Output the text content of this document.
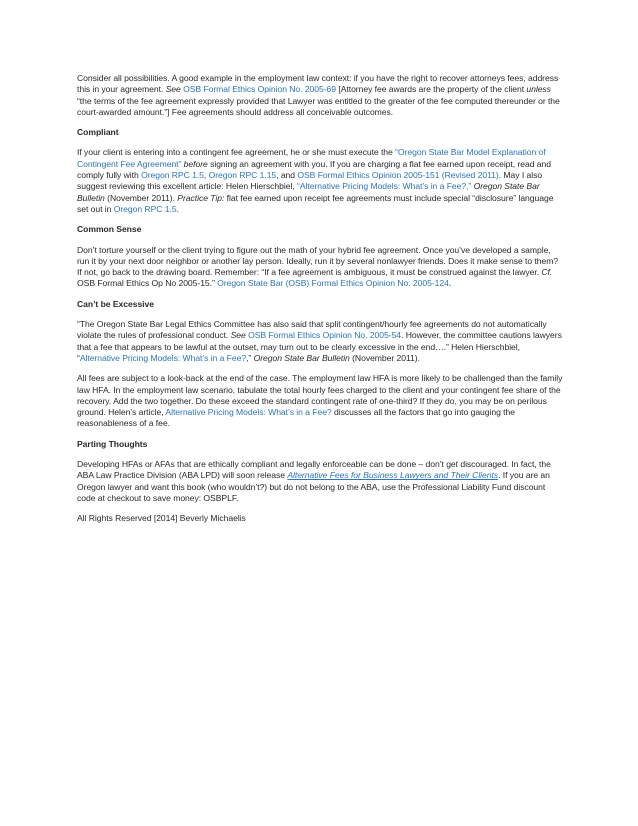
Consider all possibilities. A good example in the employment law context: if you have the right to recover attorneys fees, address this in your agreement. See OSB Formal Ethics Opinion No. 2005-69 [Attorney fee awards are the property of the client unless “the terms of the fee agreement expressly provided that Lawyer was entitled to the greater of the fee computed thereunder or the court-awarded amount.”] Fee agreements should address all conceivable outcomes.

Compliant

If your client is entering into a contingent fee agreement, he or she must execute the “Oregon State Bar Model Explanation of Contingent Fee Agreement” before signing an agreement with you. If you are charging a flat fee earned upon receipt, read and comply fully with Oregon RPC 1.5, Oregon RPC 1.15, and OSB Formal Ethics Opinion 2005-151 (Revised 2011). May I also suggest reviewing this excellent article: Helen Hierschbiel, “Alternative Pricing Models: What’s in a Fee?,” Oregon State Bar Bulletin (November 2011). Practice Tip: flat fee earned upon receipt fee agreements must include special “disclosure” language set out in Oregon RPC 1.5.

Common Sense

Don’t torture yourself or the client trying to figure out the math of your hybrid fee agreement. Once you’ve developed a sample, run it by your next door neighbor or another lay person. Ideally, run it by several nonlawyer friends. Does it make sense to them? If not, go back to the drawing board. Remember: “If a fee agreement is ambiguous, it must be construed against the lawyer. Cf. OSB Formal Ethics Op No 2005-15.” Oregon State Bar (OSB) Formal Ethics Opinion No. 2005-124.

Can’t be Excessive

“The Oregon State Bar Legal Ethics Committee has also said that split contingent/hourly fee agreements do not automatically violate the rules of professional conduct. See OSB Formal Ethics Opinion No. 2005-54. However, the committee cautions lawyers that a fee that appears to be lawful at the outset, may turn out to be clearly excessive in the end….” Helen Hierschbiel, “Alternative Pricing Models: What’s in a Fee?,” Oregon State Bar Bulletin (November 2011).

All fees are subject to a look-back at the end of the case. The employment law HFA is more likely to be challenged than the family law HFA. In the employment law scenario, tabulate the total hourly fees charged to the client and your contingent fee share of the recovery. Add the two together. Do these exceed the standard contingent rate of one-third? If they do, you may be on perilous ground. Helen’s article, Alternative Pricing Models: What’s in a Fee? discusses all the factors that go into gauging the reasonableness of a fee.

Parting Thoughts

Developing HFAs or AFAs that are ethically compliant and legally enforceable can be done – don’t get discouraged. In fact, the ABA Law Practice Division (ABA LPD) will soon release Alternative Fees for Business Lawyers and Their Clients. If you are an Oregon lawyer and want this book (who wouldn’t?) but do not belong to the ABA, use the Professional Liability Fund discount code at checkout to save money: OSBPLF.

All Rights Reserved [2014] Beverly Michaelis
